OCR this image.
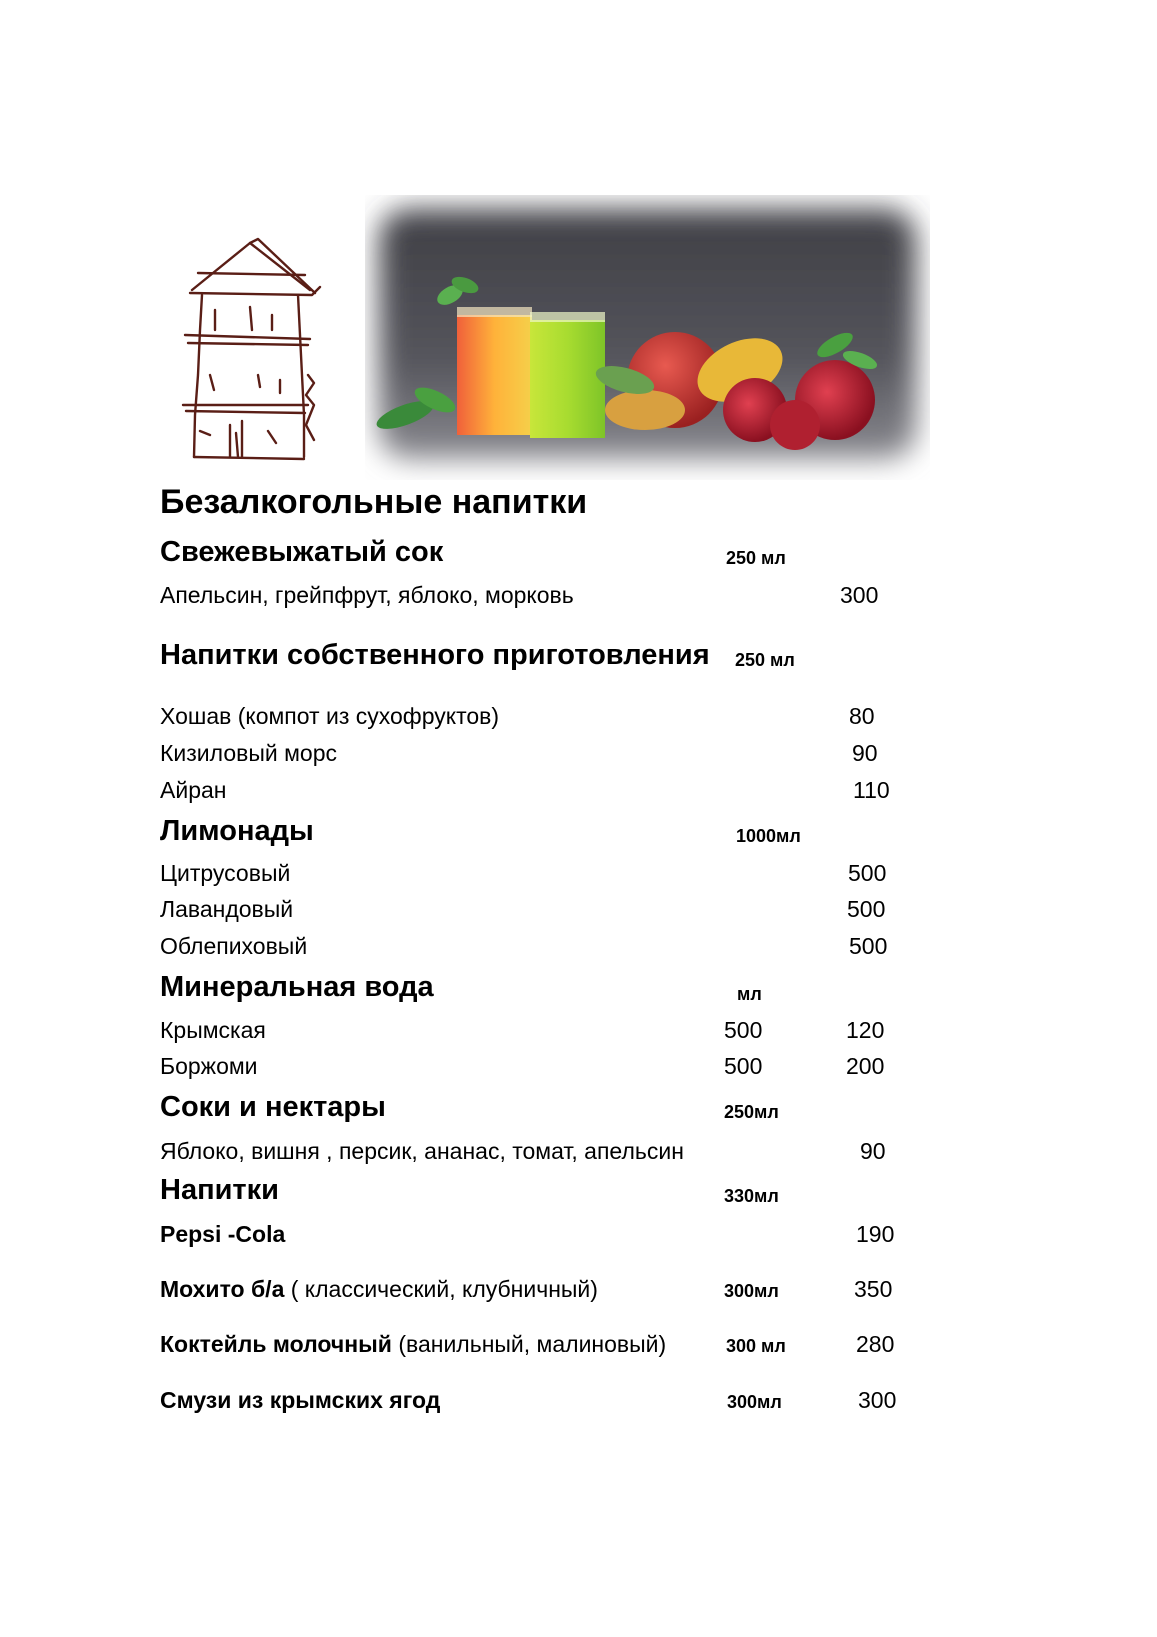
Безалкогольные напитки
Свежевыжатый сок	250 мл
Апельсин, грейпфрут, яблоко, морковь	300
Напитки собственного приготовления 250 мл
Хошав (компот из сухофруктов)	80
Кизиловый морс	90
Айран	110
Лимонады	1000мл
Цитрусовый	500
Лавандовый	500
Облепиховый	500
Минеральная вода	мл
Крымская	500	120
Боржоми	500	200
Соки и нектары	250мл
Яблоко, вишня , персик, ананас, томат, апельсин	90
Напитки	330мл
Pepsi -Cola	190
Мохито б/а ( классический, клубничный)	300мл	350
Коктейль молочный (ванильный, малиновый)	300 мл	280
Смузи из крымских ягод	300мл	300
